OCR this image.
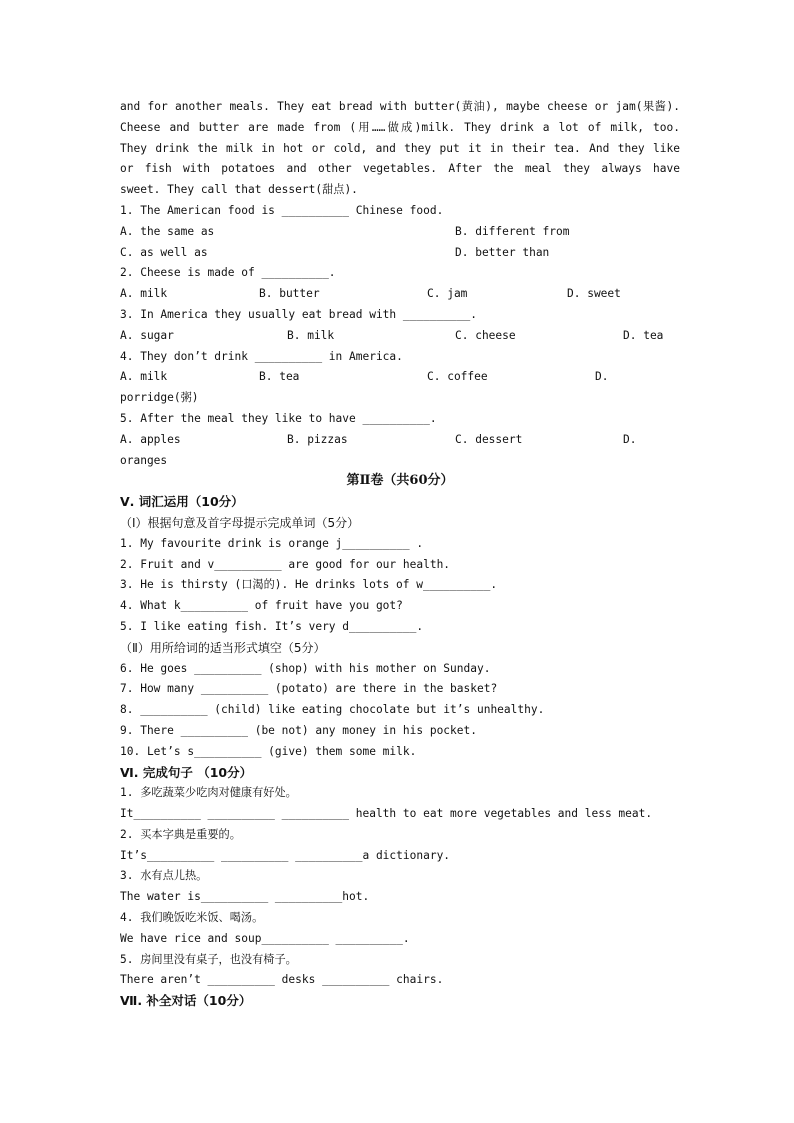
and for another meals. They eat bread with butter(黄油), maybe cheese or jam(果酱).
Cheese and butter are made from (用……做成)milk. They drink a lot of milk, too.
They drink the milk in hot or cold, and they put it in their tea. And they like
or fish with potatoes and other vegetables. After the meal they always have
sweet. They call that dessert(甜点).
1. The American food is __________ Chinese food.
A. the same as	B. different from
C. as well as	D. better than
2. Cheese is made of __________.
A. milk	B. butter	C. jam	D. sweet
3. In America they usually eat bread with __________.
A. sugar	B. milk	C. cheese	D. tea
4. They don’t drink __________ in America.
A. milk	B. tea	C. coffee	D.
porridge(粥)
5. After the meal they like to have __________.
A. apples	B. pizzas	C. dessert	D.
oranges
第Ⅱ卷（共60分）
Ⅴ. 词汇运用（10分）
（Ⅰ）根据句意及首字母提示完成单词（5分）
1. My favourite drink is orange j__________ .
2. Fruit and v__________ are good for our health.
3. He is thirsty (口渴的). He drinks lots of w__________.
4. What k__________ of fruit have you got?
5. I like eating fish. It’s very d__________.
（Ⅱ）用所给词的适当形式填空（5分）
6. He goes __________ (shop) with his mother on Sunday.
7. How many __________ (potato) are there in the basket?
8. __________ (child) like eating chocolate but it’s unhealthy.
9. There __________ (be not) any money in his pocket.
10. Let’s s__________ (give) them some milk.
Ⅵ. 完成句子 （10分）
1. 多吃蔬菜少吃肉对健康有好处。
It__________ __________ __________ health to eat more vegetables and less meat.
2. 买本字典是重要的。
It’s__________ __________ __________a dictionary.
3. 水有点儿热。
The water is__________ __________hot.
4. 我们晚饭吃米饭、喝汤。
We have rice and soup__________ __________.
5. 房间里没有桌子，也没有椅子。
There aren’t __________ desks __________ chairs.
Ⅶ. 补全对话（10分）
